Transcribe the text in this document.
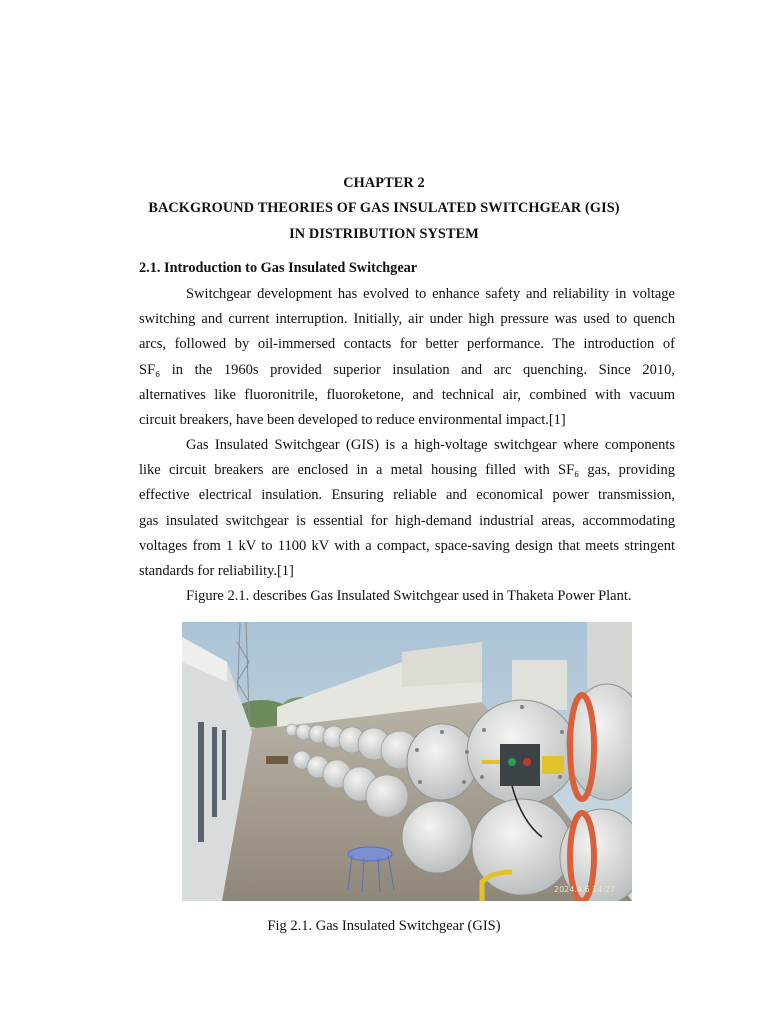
CHAPTER 2
BACKGROUND THEORIES OF GAS INSULATED SWITCHGEAR (GIS)
IN DISTRIBUTION SYSTEM
2.1. Introduction to Gas Insulated Switchgear
Switchgear development has evolved to enhance safety and reliability in voltage
switching and current interruption. Initially, air under high pressure was used to quench
arcs, followed by oil-immersed contacts for better performance. The introduction of
SF₆ in the 1960s provided superior insulation and arc quenching. Since 2010,
alternatives like fluoronitrile, fluoroketone, and technical air, combined with vacuum
circuit breakers, have been developed to reduce environmental impact.[1]
Gas Insulated Switchgear (GIS) is a high-voltage switchgear where components
like circuit breakers are enclosed in a metal housing filled with SF₆ gas, providing
effective electrical insulation. Ensuring reliable and economical power transmission,
gas insulated switchgear is essential for high-demand industrial areas, accommodating
voltages from 1 kV to 1100 kV with a compact, space-saving design that meets stringent
standards for reliability.[1]
Figure 2.1. describes Gas Insulated Switchgear used in Thaketa Power Plant.
2024.4.6 14:27
Fig 2.1. Gas Insulated Switchgear (GIS)
